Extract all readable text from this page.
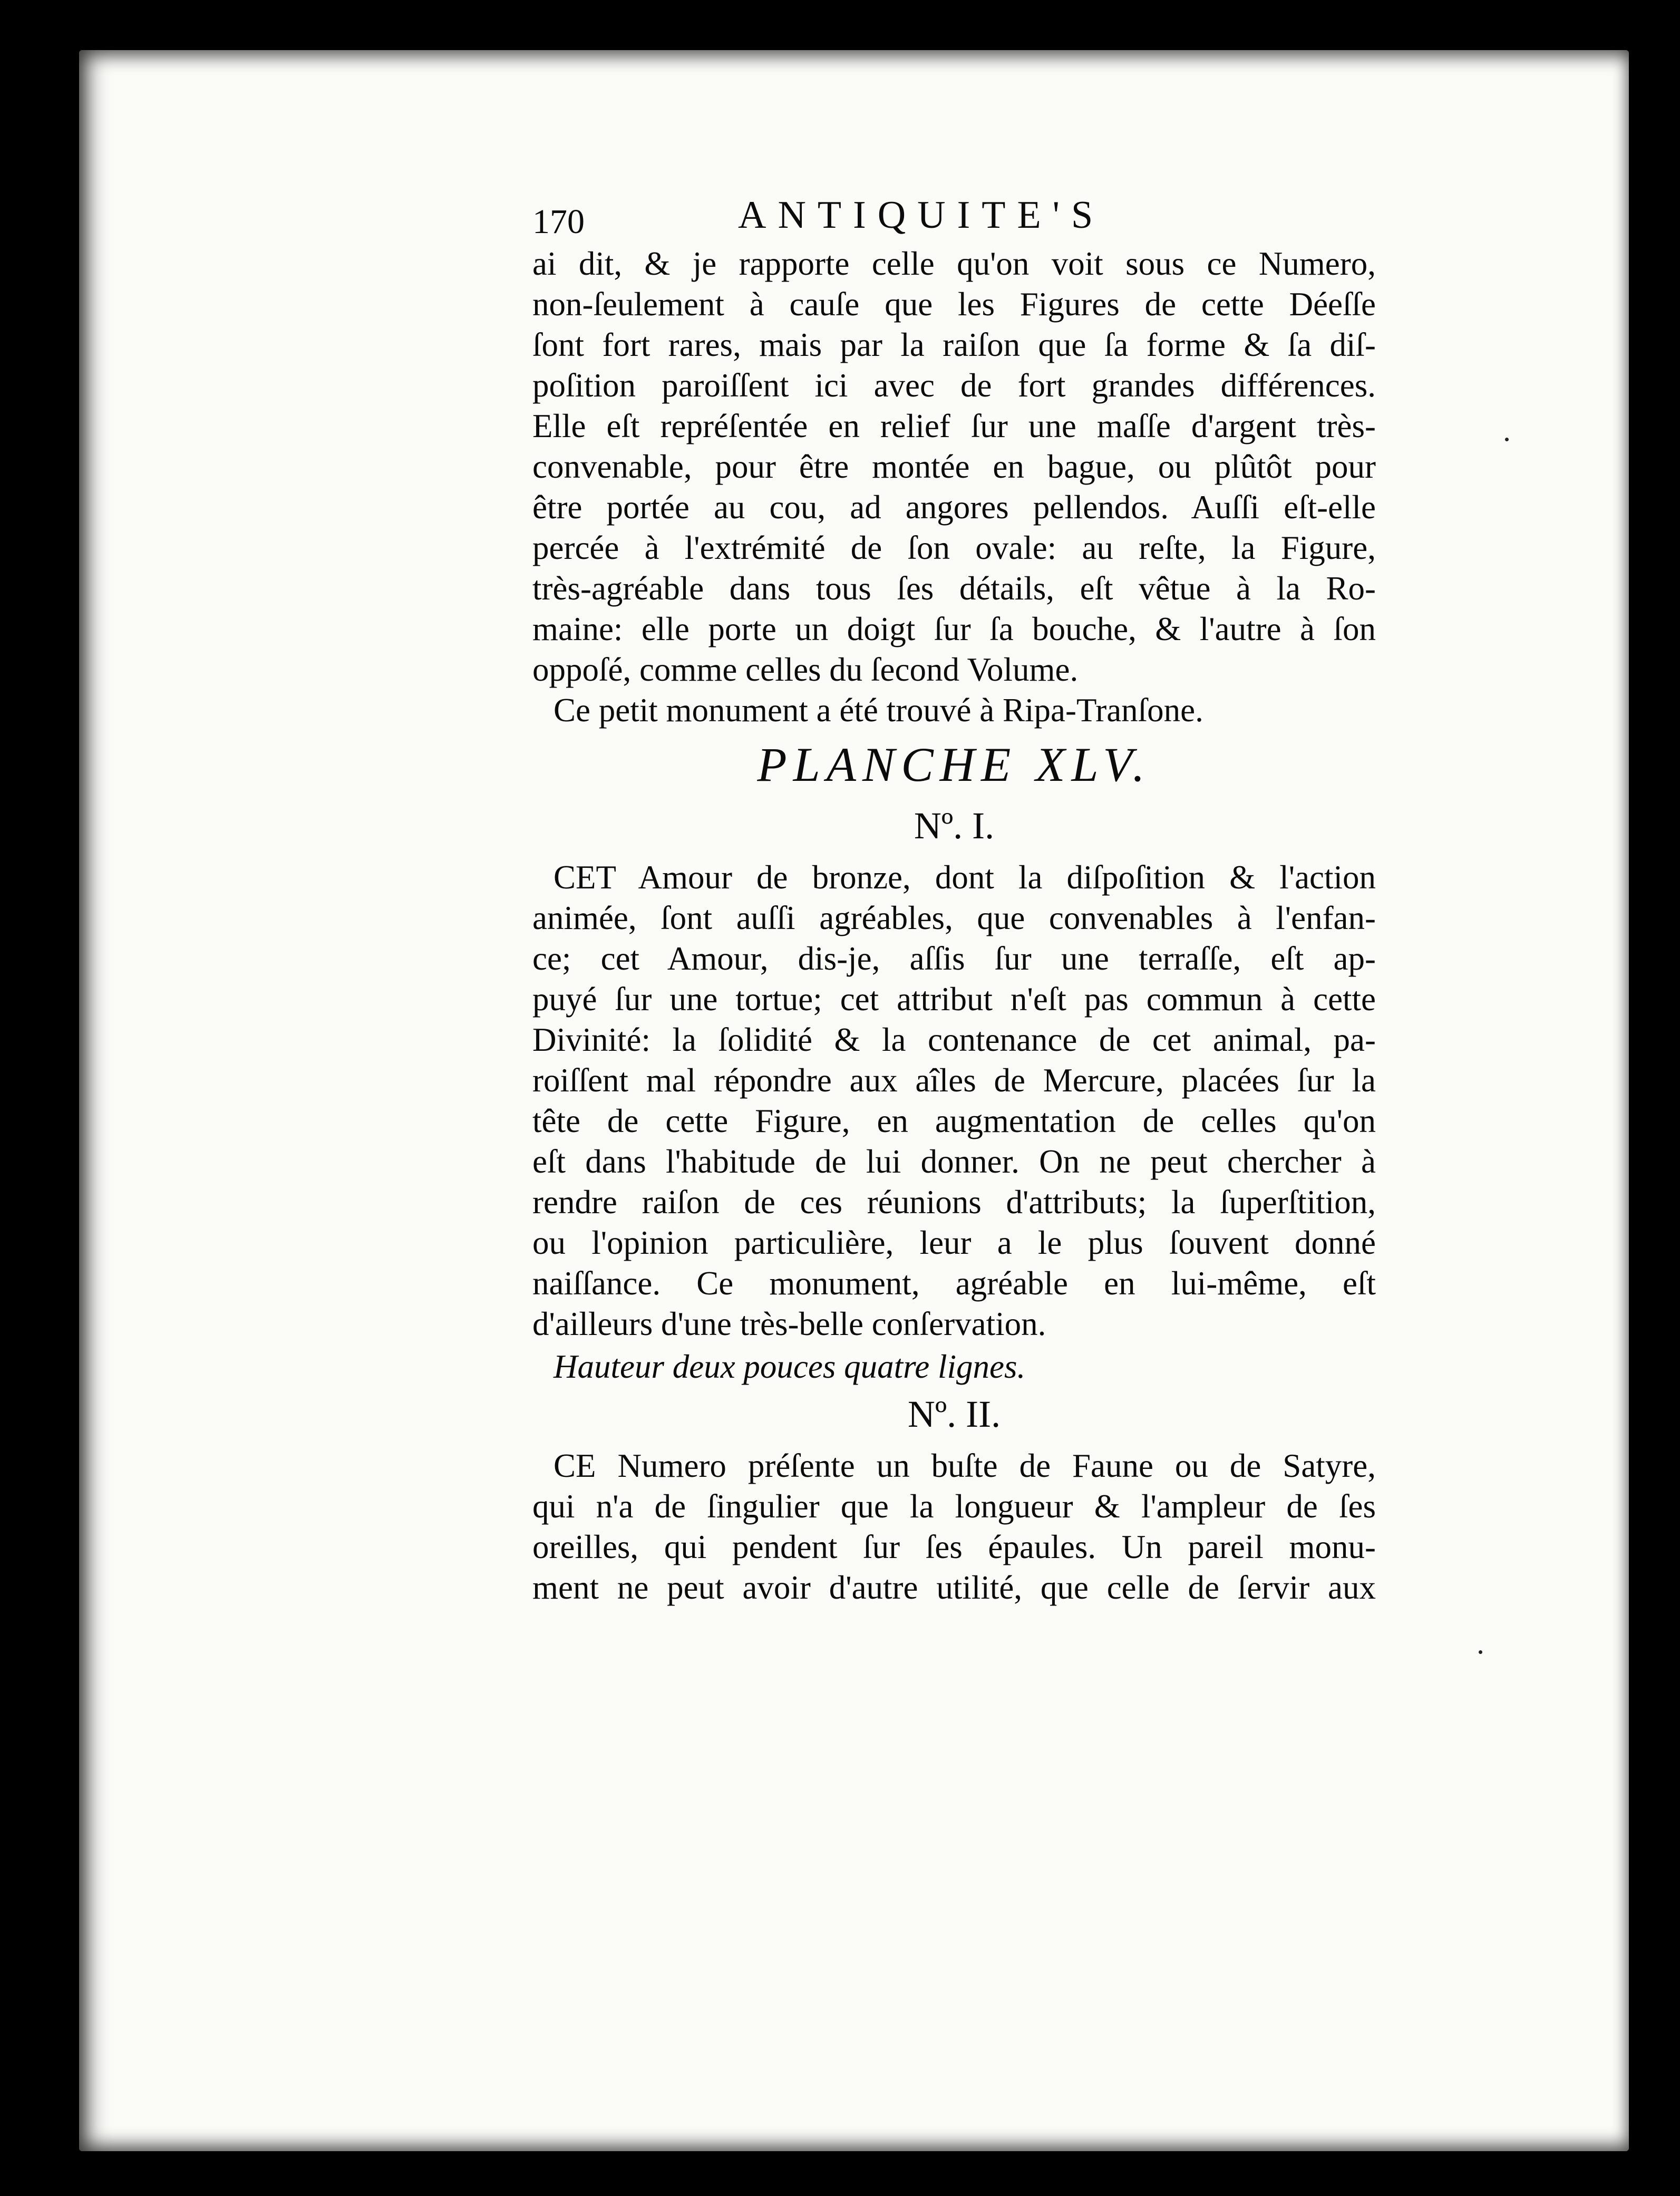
170	ANTIQUITE'S
ai dit, & je rapporte celle qu'on voit sous ce Numero,
non-ſeulement à cauſe que les Figures de cette Déeſſe
ſont fort rares, mais par la raiſon que ſa forme & ſa diſ-
poſition paroiſſent ici avec de fort grandes différences.
Elle eſt repréſentée en relief ſur une maſſe d'argent très-
convenable, pour être montée en bague, ou plûtôt pour
être portée au cou, ad angores pellendos. Auſſi eſt-elle
percée à l'extrémité de ſon ovale: au reſte, la Figure,
très-agréable dans tous ſes détails, eſt vêtue à la Ro-
maine: elle porte un doigt ſur ſa bouche, & l'autre à ſon
oppoſé, comme celles du ſecond Volume.
Ce petit monument a été trouvé à Ripa-Tranſone.
PLANCHE XLV.
Nº. I.
CET Amour de bronze, dont la diſpoſition & l'action
animée, ſont auſſi agréables, que convenables à l'enfan-
ce; cet Amour, dis-je, aſſis ſur une terraſſe, eſt ap-
puyé ſur une tortue; cet attribut n'eſt pas commun à cette
Divinité: la ſolidité & la contenance de cet animal, pa-
roiſſent mal répondre aux aîles de Mercure, placées ſur la
tête de cette Figure, en augmentation de celles qu'on
eſt dans l'habitude de lui donner. On ne peut chercher à
rendre raiſon de ces réunions d'attributs; la ſuperſtition,
ou l'opinion particulière, leur a le plus ſouvent donné
naiſſance. Ce monument, agréable en lui-même, eſt
d'ailleurs d'une très-belle conſervation.
Hauteur deux pouces quatre lignes.
Nº. II.
CE Numero préſente un buſte de Faune ou de Satyre,
qui n'a de ſingulier que la longueur & l'ampleur de ſes
oreilles, qui pendent ſur ſes épaules. Un pareil monu-
ment ne peut avoir d'autre utilité, que celle de ſervir aux
